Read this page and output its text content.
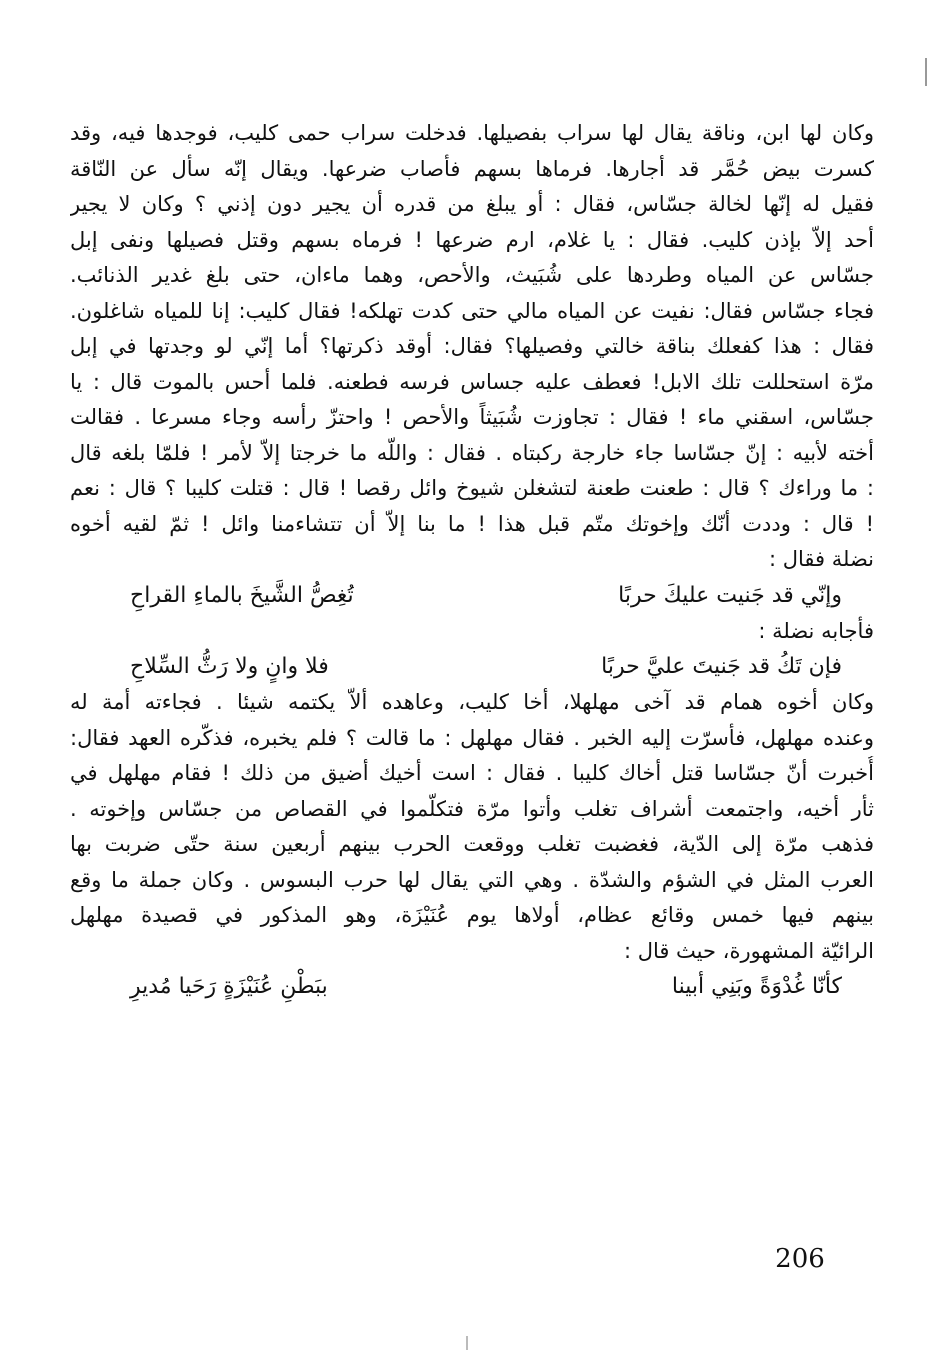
وكان لها ابن، وناقة يقال لها سراب بفصيلها. فدخلت سراب حمى كليب، فوجدها فيه، وقد
كسرت بيض حُمَّر قد أجارها. فرماها بسهم فأصاب ضرعها. ويقال إنّه سأل عن النّاقة
فقيل له إنّها لخالة جسّاس، فقال : أو يبلغ من قدره أن يجير دون إذني ؟ وكان لا يجير
أحد إلاّ بإذن كليب. فقال : يا غلام، ارم ضرعها ! فرماه بسهم وقتل فصيلها ونفى إبل
جسّاس عن المياه وطردها على شُبَيث، والأحص، وهما ماءان، حتى بلغ غدير الذنائب.
فجاء جسّاس فقال: نفيت عن المياه مالي حتى كدت تهلكه! فقال كليب: إنا للمياه شاغلون.
فقال : هذا كفعلك بناقة خالتي وفصيلها؟ فقال: أوقد ذكرتها؟ أما إنّي لو وجدتها في إبل
مرّة استحللت تلك الابل! فعطف عليه جساس فرسه فطعنه. فلما أحس بالموت قال : يا
جسّاس، اسقني ماء ! فقال : تجاوزت شُبَيثاً والأحص ! واحتزّ رأسه وجاء مسرعا . فقالت
أخته لأبيه : إنّ جسّاسا جاء خارجة ركبتاه . فقال : واللّه ما خرجتا إلاّ لأمر ! فلمّا بلغه قال
: ما وراءك ؟ قال : طعنت طعنة لتشغلن شيوخ وائل رقصا ! قال : قتلت كليبا ؟ قال : نعم
! قال : وددت أنّك وإخوتك متّم قبل هذا ! ما بنا إلاّ أن تتشاءمنا وائل ! ثمّ لقيه أخوه
نضلة فقال :
وإنّي قد جَنيت عليكَ حربًا
تُغِصُّ الشَّيخَ بالماءِ القراحِ
فأجابه نضلة :
فإن تَكُ قد جَنيتَ عليَّ حربًا
فلا وانٍ ولا رَثُّ السِّلاحِ
وكان أخوه همام قد آخى مهلهلا، أخا كليب، وعاهده ألاّ يكتمه شيئا . فجاءته أمة له
وعنده مهلهل، فأسرّت إليه الخبر . فقال مهلهل : ما قالت ؟ فلم يخبره، فذكّره العهد فقال:
أُخبرت أنّ جسّاسا قتل أخاك كليبا . فقال : است أخيك أضيق من ذلك ! فقام مهلهل في
ثأر أخيه، واجتمعت أشراف تغلب وأتوا مرّة فتكلّموا في القصاص من جسّاس وإخوته .
فذهب مرّة إلى الدّية، فغضبت تغلب ووقعت الحرب بينهم أربعين سنة حتّى ضربت بها
العرب المثل في الشؤم والشدّة . وهي التي يقال لها حرب البسوس . وكان جملة ما وقع
بينهم فيها خمس وقائع عظام، أولاها يوم عُنَيْزَة، وهو المذكور في قصيدة مهلهل
الرائيّة المشهورة، حيث قال :
كأنّا غُدْوَةً وبَنِي أبينا
ببَطْنِ عُنَيْزَةٍ رَحَيا مُديرِ
206
